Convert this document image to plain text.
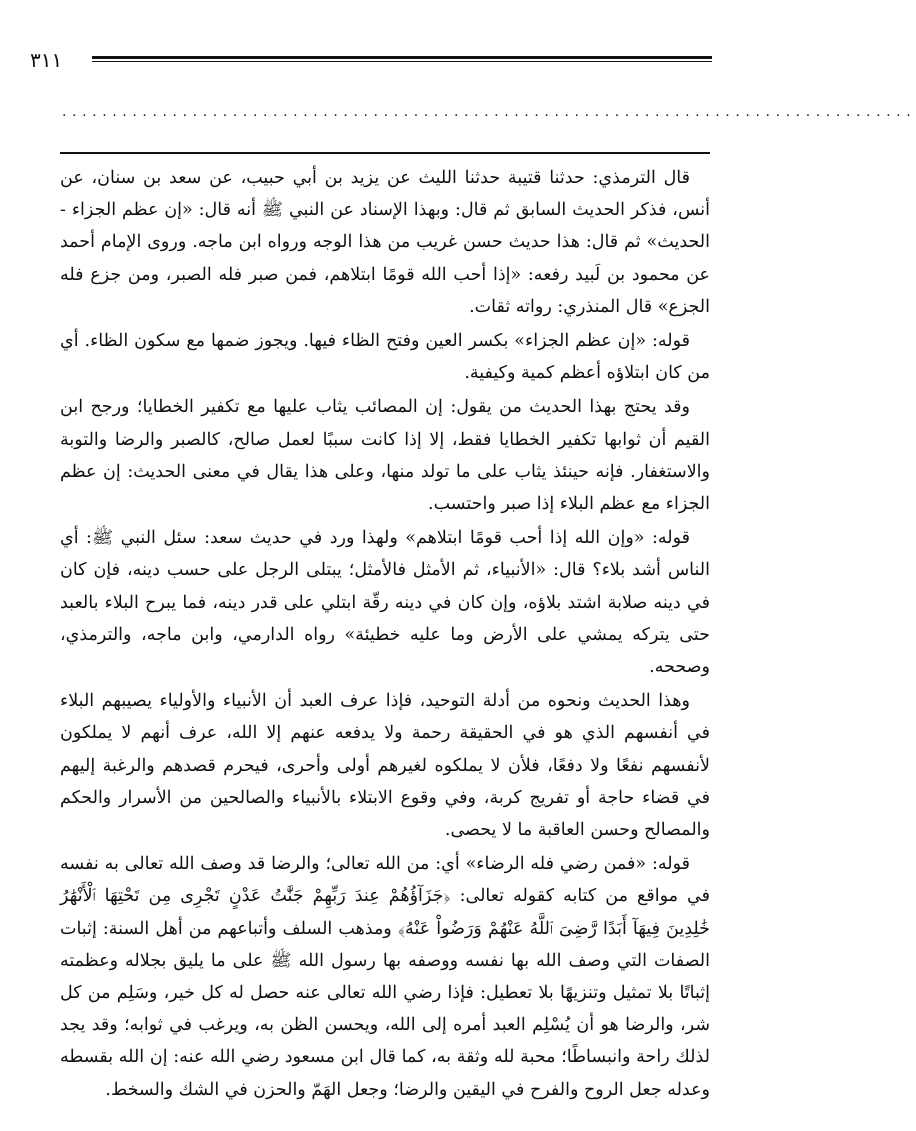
٣١١
.....................................................................................

قال الترمذي: حدثنا قتيبة حدثنا الليث عن يزيد بن أبي حبيب، عن سعد بن سنان، عن أنس، فذكر الحديث السابق ثم قال: وبهذا الإسناد عن النبي ﷺ أنه قال: «إن عظم الجزاء - الحديث» ثم قال: هذا حديث حسن غريب من هذا الوجه ورواه ابن ماجه. وروى الإمام أحمد عن محمود بن لَبيد رفعه: «إذا أحب الله قومًا ابتلاهم، فمن صبر فله الصبر، ومن جزع فله الجزع» قال المنذري: رواته ثقات.

قوله: «إن عظم الجزاء» بكسر العين وفتح الظاء فيها. ويجوز ضمها مع سكون الظاء. أي من كان ابتلاؤه أعظم كمية وكيفية.

وقد يحتج بهذا الحديث من يقول: إن المصائب يثاب عليها مع تكفير الخطايا؛ ورجح ابن القيم أن ثوابها تكفير الخطايا فقط، إلا إذا كانت سببًا لعمل صالح، كالصبر والرضا والتوبة والاستغفار. فإنه حينئذ يثاب على ما تولد منها، وعلى هذا يقال في معنى الحديث: إن عظم الجزاء مع عظم البلاء إذا صبر واحتسب.

قوله: «وإن الله إذا أحب قومًا ابتلاهم» ولهذا ورد في حديث سعد: سئل النبي ﷺ: أي الناس أشد بلاء؟ قال: «الأنبياء، ثم الأمثل فالأمثل؛ يبتلى الرجل على حسب دينه، فإن كان في دينه صلابة اشتد بلاؤه، وإن كان في دينه رقّة ابتلي على قدر دينه، فما يبرح البلاء بالعبد حتى يتركه يمشي على الأرض وما عليه خطيئة» رواه الدارمي، وابن ماجه، والترمذي، وصححه.

وهذا الحديث ونحوه من أدلة التوحيد، فإذا عرف العبد أن الأنبياء والأولياء يصيبهم البلاء في أنفسهم الذي هو في الحقيقة رحمة ولا يدفعه عنهم إلا الله، عرف أنهم لا يملكون لأنفسهم نفعًا ولا دفعًا، فلأن لا يملكوه لغيرهم أولى وأحرى، فيحرم قصدهم والرغبة إليهم في قضاء حاجة أو تفريج كربة، وفي وقوع الابتلاء بالأنبياء والصالحين من الأسرار والحكم والمصالح وحسن العاقبة ما لا يحصى.

قوله: «فمن رضي فله الرضاء» أي: من الله تعالى؛ والرضا قد وصف الله تعالى به نفسه في مواقع من كتابه كقوله تعالى: ﴿جَزَآؤُهُمْ عِندَ رَبِّهِمْ جَنَّٰتُ عَدْنٍ تَجْرِى مِن تَحْتِهَا ٱلْأَنْهَٰرُ خَٰلِدِينَ فِيهَآ أَبَدًا رَّضِىَ ٱللَّهُ عَنْهُمْ وَرَضُواْ عَنْهُ﴾ ومذهب السلف وأتباعهم من أهل السنة: إثبات الصفات التي وصف الله بها نفسه ووصفه بها رسول الله ﷺ على ما يليق بجلاله وعظمته إثباتًا بلا تمثيل وتنزيهًا بلا تعطيل: فإذا رضي الله تعالى عنه حصل له كل خير، وسَلِم من كل شر، والرضا هو أن يُسْلِم العبد أمره إلى الله، ويحسن الظن به، ويرغب في ثوابه؛ وقد يجد لذلك راحة وانبساطًا؛ محبة لله وثقة به، كما قال ابن مسعود رضي الله عنه: إن الله بقسطه وعدله جعل الروح والفرح في اليقين والرضا؛ وجعل الهَمّ والحزن في الشك والسخط.
